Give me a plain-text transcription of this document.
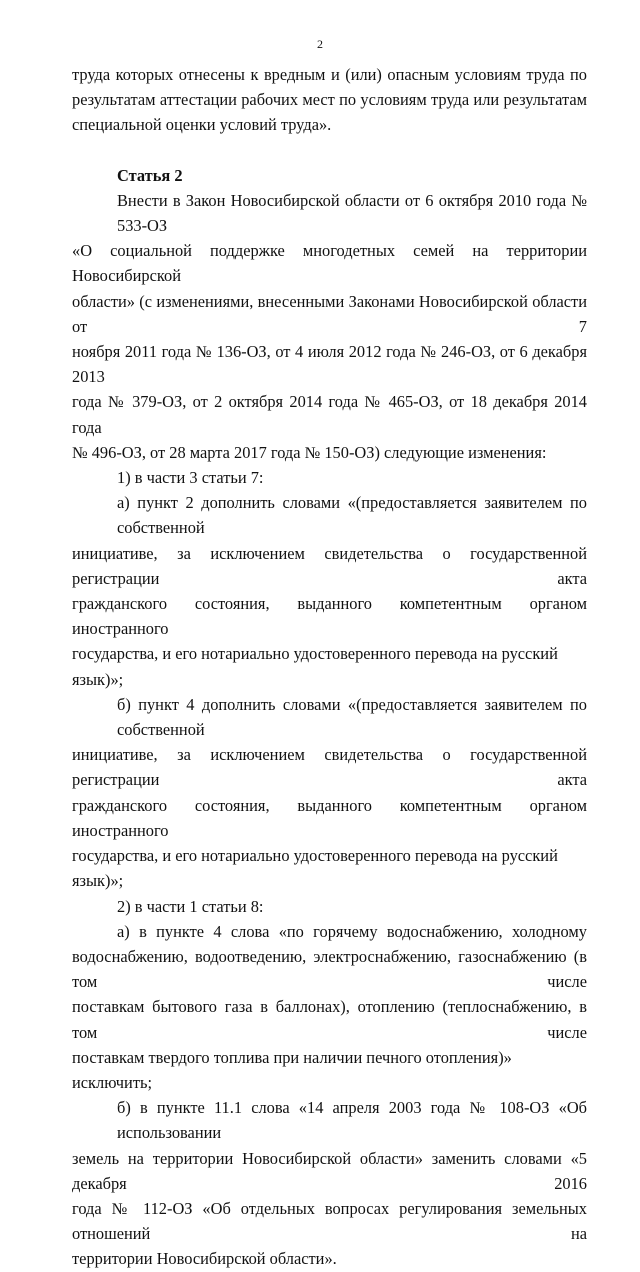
2
труда которых отнесены к вредным и (или) опасным условиям труда по
результатам аттестации рабочих мест по условиям труда или результатам
специальной оценки условий труда».
Статья 2
Внести в Закон Новосибирской области от 6 октября 2010 года № 533-ОЗ
«О социальной поддержке многодетных семей на территории Новосибирской
области» (с изменениями, внесенными Законами Новосибирской области от 7
ноября 2011 года № 136-ОЗ, от 4 июля 2012 года № 246-ОЗ, от 6 декабря 2013
года № 379-ОЗ, от 2 октября 2014 года № 465-ОЗ, от 18 декабря 2014 года
№ 496-ОЗ, от 28 марта 2017 года № 150-ОЗ) следующие изменения:
1) в части 3 статьи 7:
а) пункт 2 дополнить словами «(предоставляется заявителем по собственной
инициативе, за исключением свидетельства о государственной регистрации акта
гражданского состояния, выданного компетентным органом иностранного
государства, и его нотариально удостоверенного перевода на русский язык)»;
б) пункт 4 дополнить словами «(предоставляется заявителем по собственной
инициативе, за исключением свидетельства о государственной регистрации акта
гражданского состояния, выданного компетентным органом иностранного
государства, и его нотариально удостоверенного перевода на русский язык)»;
2) в части 1 статьи 8:
а) в пункте 4 слова «по горячему водоснабжению, холодному
водоснабжению, водоотведению, электроснабжению, газоснабжению (в том числе
поставкам бытового газа в баллонах), отоплению (теплоснабжению, в том числе
поставкам твердого топлива при наличии печного отопления)» исключить;
б) в пункте 11.1 слова «14 апреля 2003 года № 108-ОЗ «Об использовании
земель на территории Новосибирской области» заменить словами «5 декабря 2016
года № 112-ОЗ «Об отдельных вопросах регулирования земельных отношений на
территории Новосибирской области».
